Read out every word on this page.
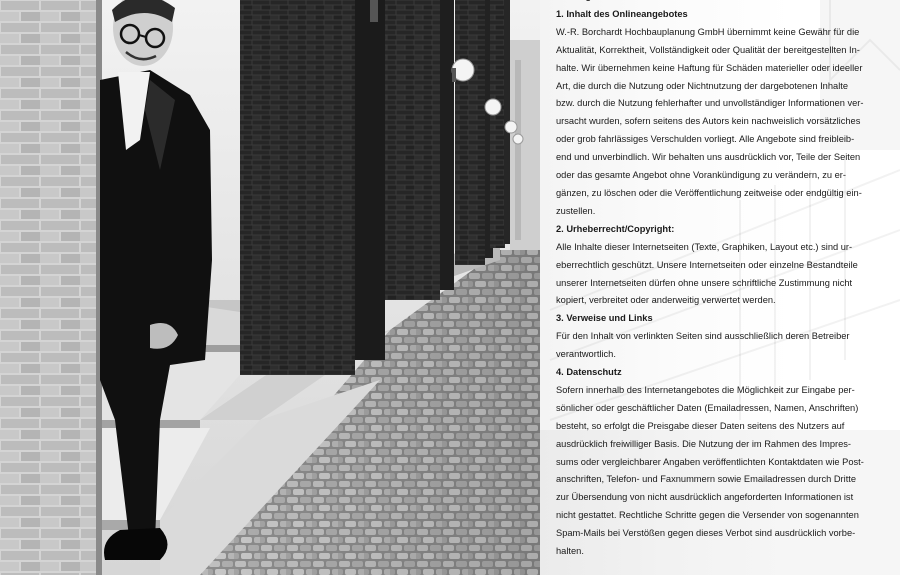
1. Inhalt des Onlineangebotes

W.-R. Borchardt Hochbauplanung GmbH übernimmt keine Gewähr für die

Aktualität, Korrektheit, Vollständigkeit oder Qualität der bereitgestellten In-

halte. Wir übernehmen keine Haftung für Schäden materieller oder ideeller

Art, die durch die Nutzung oder Nichtnutzung der dargebotenen Inhalte

bzw. durch die Nutzung fehlerhafter und unvollständiger Informationen ver-

ursacht wurden, sofern seitens des Autors kein nachweislich vorsätzliches

oder grob fahrlässiges Verschulden vorliegt. Alle Angebote sind freibleib-

end und unverbindlich. Wir behalten uns ausdrücklich vor, Teile der Seiten

oder das gesamte Angebot ohne Vorankündigung zu verändern, zu er-

gänzen, zu löschen oder die Veröffentlichung zeitweise oder endgültig ein-

zustellen.

2. Urheberrecht/Copyright:

Alle Inhalte dieser Internetseiten (Texte, Graphiken, Layout etc.) sind ur-

eberrechtlich geschützt. Unsere Internetseiten oder einzelne Bestandteile

unserer Internetseiten dürfen ohne unsere schriftliche Zustimmung nicht

kopiert, verbreitet oder anderweitig verwertet werden.

3. Verweise und Links

Für den Inhalt von verlinkten Seiten sind ausschließlich deren Betreiber

verantwortlich.

4. Datenschutz

Sofern innerhalb des Internetangebotes die Möglichkeit zur Eingabe per-

sönlicher oder geschäftlicher Daten (Emailadressen, Namen, Anschriften)

besteht, so erfolgt die Preisgabe dieser Daten seitens des Nutzers auf

ausdrücklich freiwilliger Basis. Die Nutzung der im Rahmen des Impres-

sums oder vergleichbarer Angaben veröffentlichten Kontaktdaten wie Post-

anschriften, Telefon- und Faxnummern sowie Emailadressen durch Dritte

zur Übersendung von nicht ausdrücklich angeforderten Informationen ist

nicht gestattet. Rechtliche Schritte gegen die Versender von sogenannten

Spam-Mails bei Verstößen gegen dieses Verbot sind ausdrücklich vorbe-

halten.
